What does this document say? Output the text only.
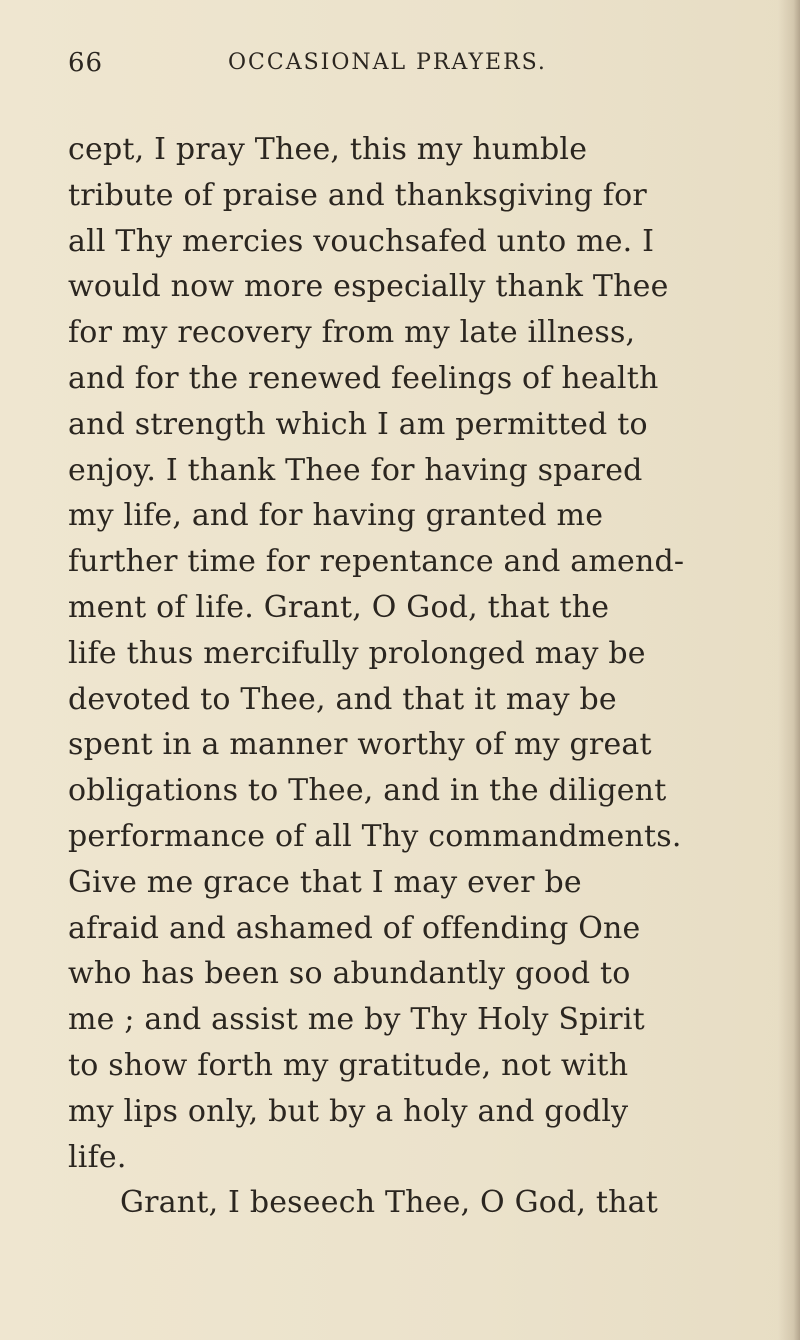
66	OCCASIONAL PRAYERS.
cept, I pray Thee, this my humble
tribute of praise and thanksgiving for
all Thy mercies vouchsafed unto me. I
would now more especially thank Thee
for my recovery from my late illness,
and for the renewed feelings of health
and strength which I am permitted to
enjoy. I thank Thee for having spared
my life, and for having granted me
further time for repentance and amend-
ment of life. Grant, O God, that the
life thus mercifully prolonged may be
devoted to Thee, and that it may be
spent in a manner worthy of my great
obligations to Thee, and in the diligent
performance of all Thy commandments.
Give me grace that I may ever be
afraid and ashamed of offending One
who has been so abundantly good to
me ; and assist me by Thy Holy Spirit
to show forth my gratitude, not with
my lips only, but by a holy and godly
life.
Grant, I beseech Thee, O God, that
